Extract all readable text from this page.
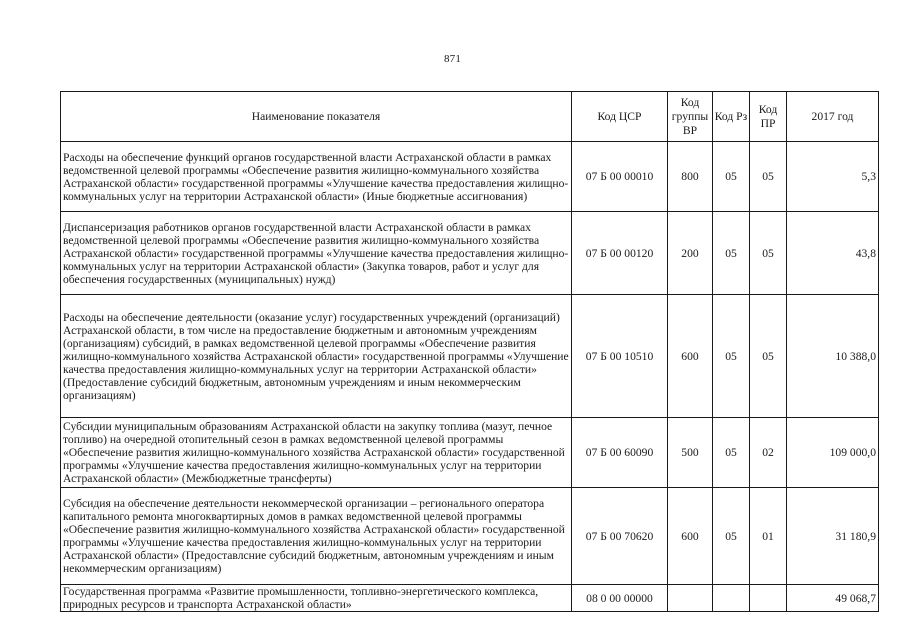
871
Наименование показателя	Код ЦСР	Код группы ВР	Код Рз	Код ПР	2017 год
Расходы на обеспечение функций органов государственной власти Астраханской области в рамках ведомственной целевой программы «Обеспечение развития жилищно-коммунального хозяйства Астраханской области» государственной программы «Улучшение качества предоставления жилищно-коммунальных услуг на территории Астраханской области» (Иные бюджетные ассигнования)	07 Б 00 00010	800	05	05	5,3
Диспансеризация работников органов государственной власти Астраханской области в рамках ведомственной целевой программы «Обеспечение развития жилищно-коммунального хозяйства Астраханской области» государственной программы «Улучшение качества предоставления жилищно-коммунальных услуг на территории Астраханской области» (Закупка товаров, работ и услуг для обеспечения государственных (муниципальных) нужд)	07 Б 00 00120	200	05	05	43,8
Расходы на обеспечение деятельности (оказание услуг) государственных учреждений (организаций) Астраханской области, в том числе на предоставление бюджетным и автономным учреждениям (организациям) субсидий, в рамках ведомственной целевой программы «Обеспечение развития жилищно-коммунального хозяйства Астраханской области» государственной программы «Улучшение качества предоставления жилищно-коммунальных услуг на территории Астраханской области» (Предоставление субсидий бюджетным, автономным учреждениям и иным некоммерческим организациям)	07 Б 00 10510	600	05	05	10 388,0
Субсидии муниципальным образованиям Астраханской области на закупку топлива (мазут, печное топливо) на очередной отопительный сезон в рамках ведомственной целевой программы «Обеспечение развития жилищно-коммунального хозяйства Астраханской области» государственной программы «Улучшение качества предоставления жилищно-коммунальных услуг на территории Астраханской области» (Межбюджетные трансферты)	07 Б 00 60090	500	05	02	109 000,0
Субсидия на обеспечение деятельности некоммерческой организации – регионального оператора капитального ремонта многоквартирных домов в рамках ведомственной целевой программы «Обеспечение развития жилищно-коммунального хозяйства Астраханской области» государственной программы «Улучшение качества предоставления жилищно-коммунальных услуг на территории Астраханской области» (Предоставлсние субсидий бюджетным, автономным учреждениям и иным некоммерческим организациям)	07 Б 00 70620	600	05	01	31 180,9
Государственная программа «Развитие промышленности, топливно-энергетического комплекса, природных ресурсов и транспорта Астраханской области»	08 0 00 00000				49 068,7
